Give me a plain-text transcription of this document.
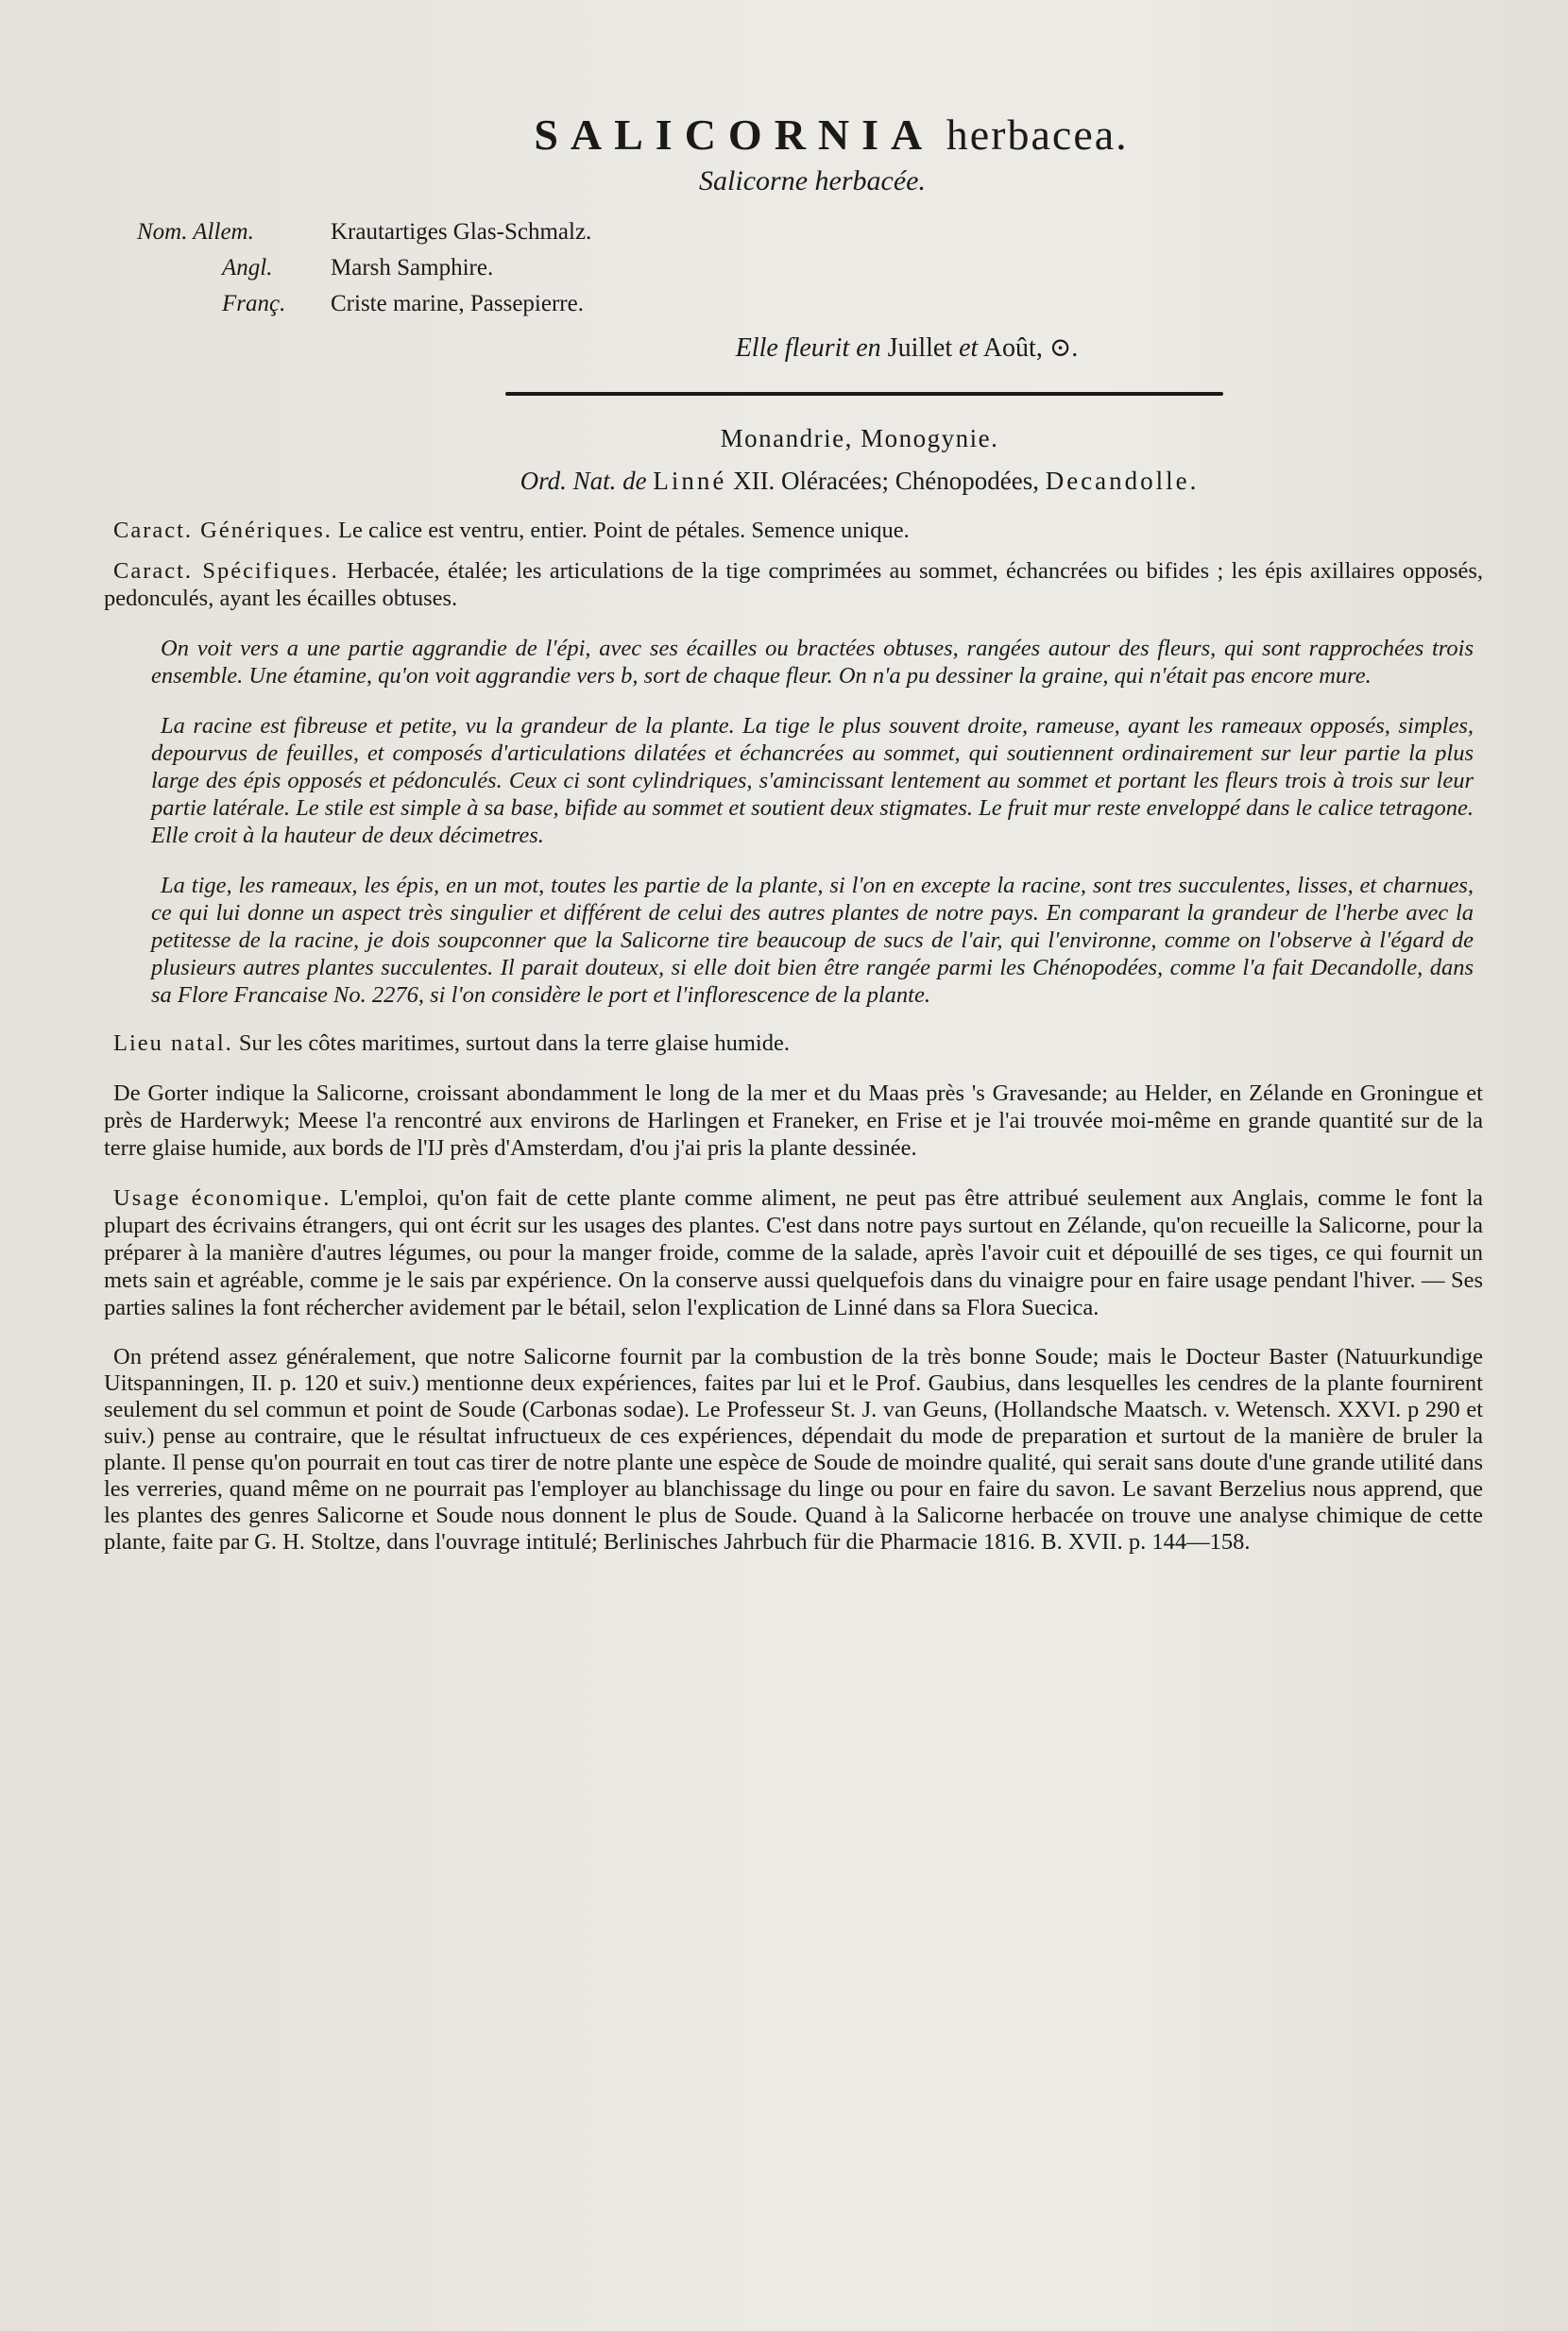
SALICORNIA herbacea.
Salicorne herbacée.
Nom. Allem.	Krautartiges Glas-Schmalz.
Angl.	Marsh Samphire.
Franç.	Criste marine, Passepierre.
Elle fleurit en Juillet et Août, ⊙.
Monandrie, Monogynie.
Ord. Nat. de Linné XII. Oléracées; Chénopodées, Decandolle.

Caract. Génériques. Le calice est ventru, entier. Point de pétales. Semence unique.

Caract. Spécifiques. Herbacée, étalée; les articulations de la tige comprimées au sommet, échancrées ou bifides ; les épis axillaires opposés, pedonculés, ayant les écailles obtuses.

On voit vers a une partie aggrandie de l'épi, avec ses écailles ou bractées obtuses, rangées autour des fleurs, qui sont rapprochées trois ensemble. Une étamine, qu'on voit aggrandie vers b, sort de chaque fleur. On n'a pu dessiner la graine, qui n'était pas encore mure.

La racine est fibreuse et petite, vu la grandeur de la plante. La tige le plus souvent droite, rameuse, ayant les rameaux opposés, simples, depourvus de feuilles, et composés d'articulations dilatées et échancrées au sommet, qui soutiennent ordinairement sur leur partie la plus large des épis opposés et pédonculés. Ceux ci sont cylindriques, s'amincissant lentement au sommet et portant les fleurs trois à trois sur leur partie latérale. Le stile est simple à sa base, bifide au sommet et soutient deux stigmates. Le fruit mur reste enveloppé dans le calice tetragone. Elle croit à la hauteur de deux décimetres.

La tige, les rameaux, les épis, en un mot, toutes les partie de la plante, si l'on en excepte la racine, sont tres succulentes, lisses, et charnues, ce qui lui donne un aspect très singulier et différent de celui des autres plantes de notre pays. En comparant la grandeur de l'herbe avec la petitesse de la racine, je dois soupconner que la Salicorne tire beaucoup de sucs de l'air, qui l'environne, comme on l'observe à l'égard de plusieurs autres plantes succulentes. Il parait douteux, si elle doit bien être rangée parmi les Chénopodées, comme l'a fait Decandolle, dans sa Flore Francaise No. 2276, si l'on considère le port et l'inflorescence de la plante.

Lieu natal. Sur les côtes maritimes, surtout dans la terre glaise humide.

De Gorter indique la Salicorne, croissant abondamment le long de la mer et du Maas près 's Gravesande; au Helder, en Zélande en Groningue et près de Harderwyk; Meese l'a rencontré aux environs de Harlingen et Franeker, en Frise et je l'ai trouvée moi-même en grande quantité sur de la terre glaise humide, aux bords de l'IJ près d'Amsterdam, d'ou j'ai pris la plante dessinée.

Usage économique. L'emploi, qu'on fait de cette plante comme aliment, ne peut pas être attribué seulement aux Anglais, comme le font la plupart des écrivains étrangers, qui ont écrit sur les usages des plantes. C'est dans notre pays surtout en Zélande, qu'on recueille la Salicorne, pour la préparer à la manière d'autres légumes, ou pour la manger froide, comme de la salade, après l'avoir cuit et dépouillé de ses tiges, ce qui fournit un mets sain et agréable, comme je le sais par expérience. On la conserve aussi quelquefois dans du vinaigre pour en faire usage pendant l'hiver. — Ses parties salines la font réchercher avidement par le bétail, selon l'explication de Linné dans sa Flora Suecica.

On prétend assez généralement, que notre Salicorne fournit par la combustion de la très bonne Soude; mais le Docteur Baster (Natuurkundige Uitspanningen, II. p. 120 et suiv.) mentionne deux expériences, faites par lui et le Prof. Gaubius, dans lesquelles les cendres de la plante fournirent seulement du sel commun et point de Soude (Carbonas sodae). Le Professeur St. J. van Geuns, (Hollandsche Maatsch. v. Wetensch. XXVI. p 290 et suiv.) pense au contraire, que le résultat infructueux de ces expériences, dépendait du mode de preparation et surtout de la manière de bruler la plante. Il pense qu'on pourrait en tout cas tirer de notre plante une espèce de Soude de moindre qualité, qui serait sans doute d'une grande utilité dans les verreries, quand même on ne pourrait pas l'employer au blanchissage du linge ou pour en faire du savon. Le savant Berzelius nous apprend, que les plantes des genres Salicorne et Soude nous donnent le plus de Soude. Quand à la Salicorne herbacée on trouve une analyse chimique de cette plante, faite par G. H. Stoltze, dans l'ouvrage intitulé; Berlinisches Jahrbuch für die Pharmacie 1816. B. XVII. p. 144—158.
